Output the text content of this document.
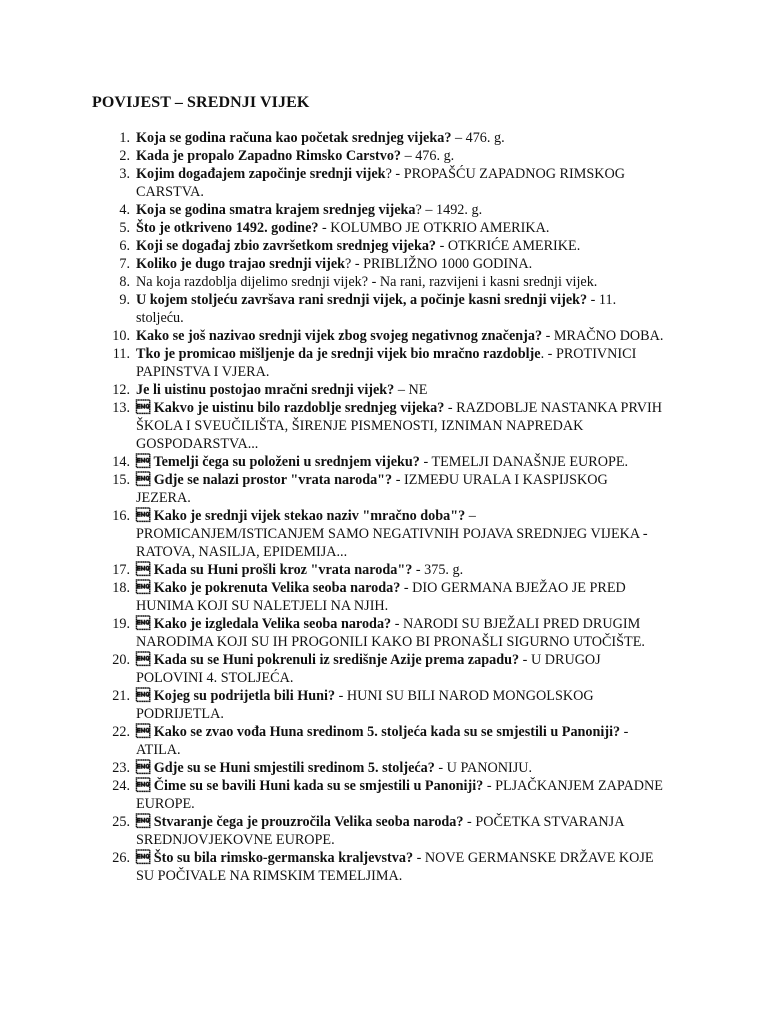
POVIJEST – SREDNJI VIJEK
1. Koja se godina računa kao početak srednjeg vijeka? – 476. g.
2. Kada je propalo Zapadno Rimsko Carstvo? – 476. g.
3. Kojim događajem započinje srednji vijek? - PROPAŠĆU ZAPADNOG RIMSKOG CARSTVA.
4. Koja se godina smatra krajem srednjeg vijeka? – 1492. g.
5. Što je otkriveno 1492. godine? - KOLUMBO JE OTKRIO AMERIKA.
6. Koji se događaj zbio završetkom srednjeg vijeka? - OTKRIĆE AMERIKE.
7. Koliko je dugo trajao srednji vijek? - PRIBLIŽNO 1000 GODINA.
8. Na koja razdoblja dijelimo srednji vijek? - Na rani, razvijeni i kasni srednji vijek.
9. U kojem stoljeću završava rani srednji vijek, a počinje kasni srednji vijek? - 11. stoljeću.
10. Kako se još nazivao srednji vijek zbog svojeg negativnog značenja? - MRAČNO DOBA.
11. Tko je promicao mišljenje da je srednji vijek bio mračno razdoblje. - PROTIVNICI PAPINSTVA I VJERA.
12. Je li uistinu postojao mračni srednji vijek? – NE
13.  Kakvo je uistinu bilo razdoblje srednjeg vijeka? - RAZDOBLJE NASTANKA PRVIH ŠKOLA I SVEUČILIŠTA, ŠIRENJE PISMENOSTI, IZNIMAN NAPREDAK GOSPODARSTVA...
14.  Temelji čega su položeni u srednjem vijeku? - TEMELJI DANAŠNJE EUROPE.
15.  Gdje se nalazi prostor "vrata naroda"? - IZMEĐU URALA I KASPIJSKOG JEZERA.
16.  Kako je srednji vijek stekao naziv "mračno doba"? – PROMICANJEM/ISTICANJEM SAMO NEGATIVNIH POJAVA SREDNJEG VIJEKA - RATOVA, NASILJA, EPIDEMIJA...
17.  Kada su Huni prošli kroz "vrata naroda"? - 375. g.
18.  Kako je pokrenuta Velika seoba naroda? - DIO GERMANA BJEŽAO JE PRED HUNIMA KOJI SU NALETJELI NA NJIH.
19.  Kako je izgledala Velika seoba naroda? - NARODI SU BJEŽALI PRED DRUGIM NARODIMA KOJI SU IH PROGONILI KAKO BI PRONAŠLI SIGURNO UTOČIŠTE.
20.  Kada su se Huni pokrenuli iz središnje Azije prema zapadu? - U DRUGOJ POLOVINI 4. STOLJEĆA.
21.  Kojeg su podrijetla bili Huni? - HUNI SU BILI NAROD MONGOLSKOG PODRIJETLA.
22.  Kako se zvao vođa Huna sredinom 5. stoljeća kada su se smjestili u Panoniji? - ATILA.
23.  Gdje su se Huni smjestili sredinom 5. stoljeća? - U PANONIJU.
24.  Čime su se bavili Huni kada su se smjestili u Panoniji? - PLJAČKANJEM ZAPADNE EUROPE.
25.  Stvaranje čega je prouzročila Velika seoba naroda? - POČETKA STVARANJA SREDNJOVJEKOVNE EUROPE.
26.  Što su bila rimsko-germanska kraljevstva? - NOVE GERMANSKE DRŽAVE KOJE SU POČIVALE NA RIMSKIM TEMELJIMA.
